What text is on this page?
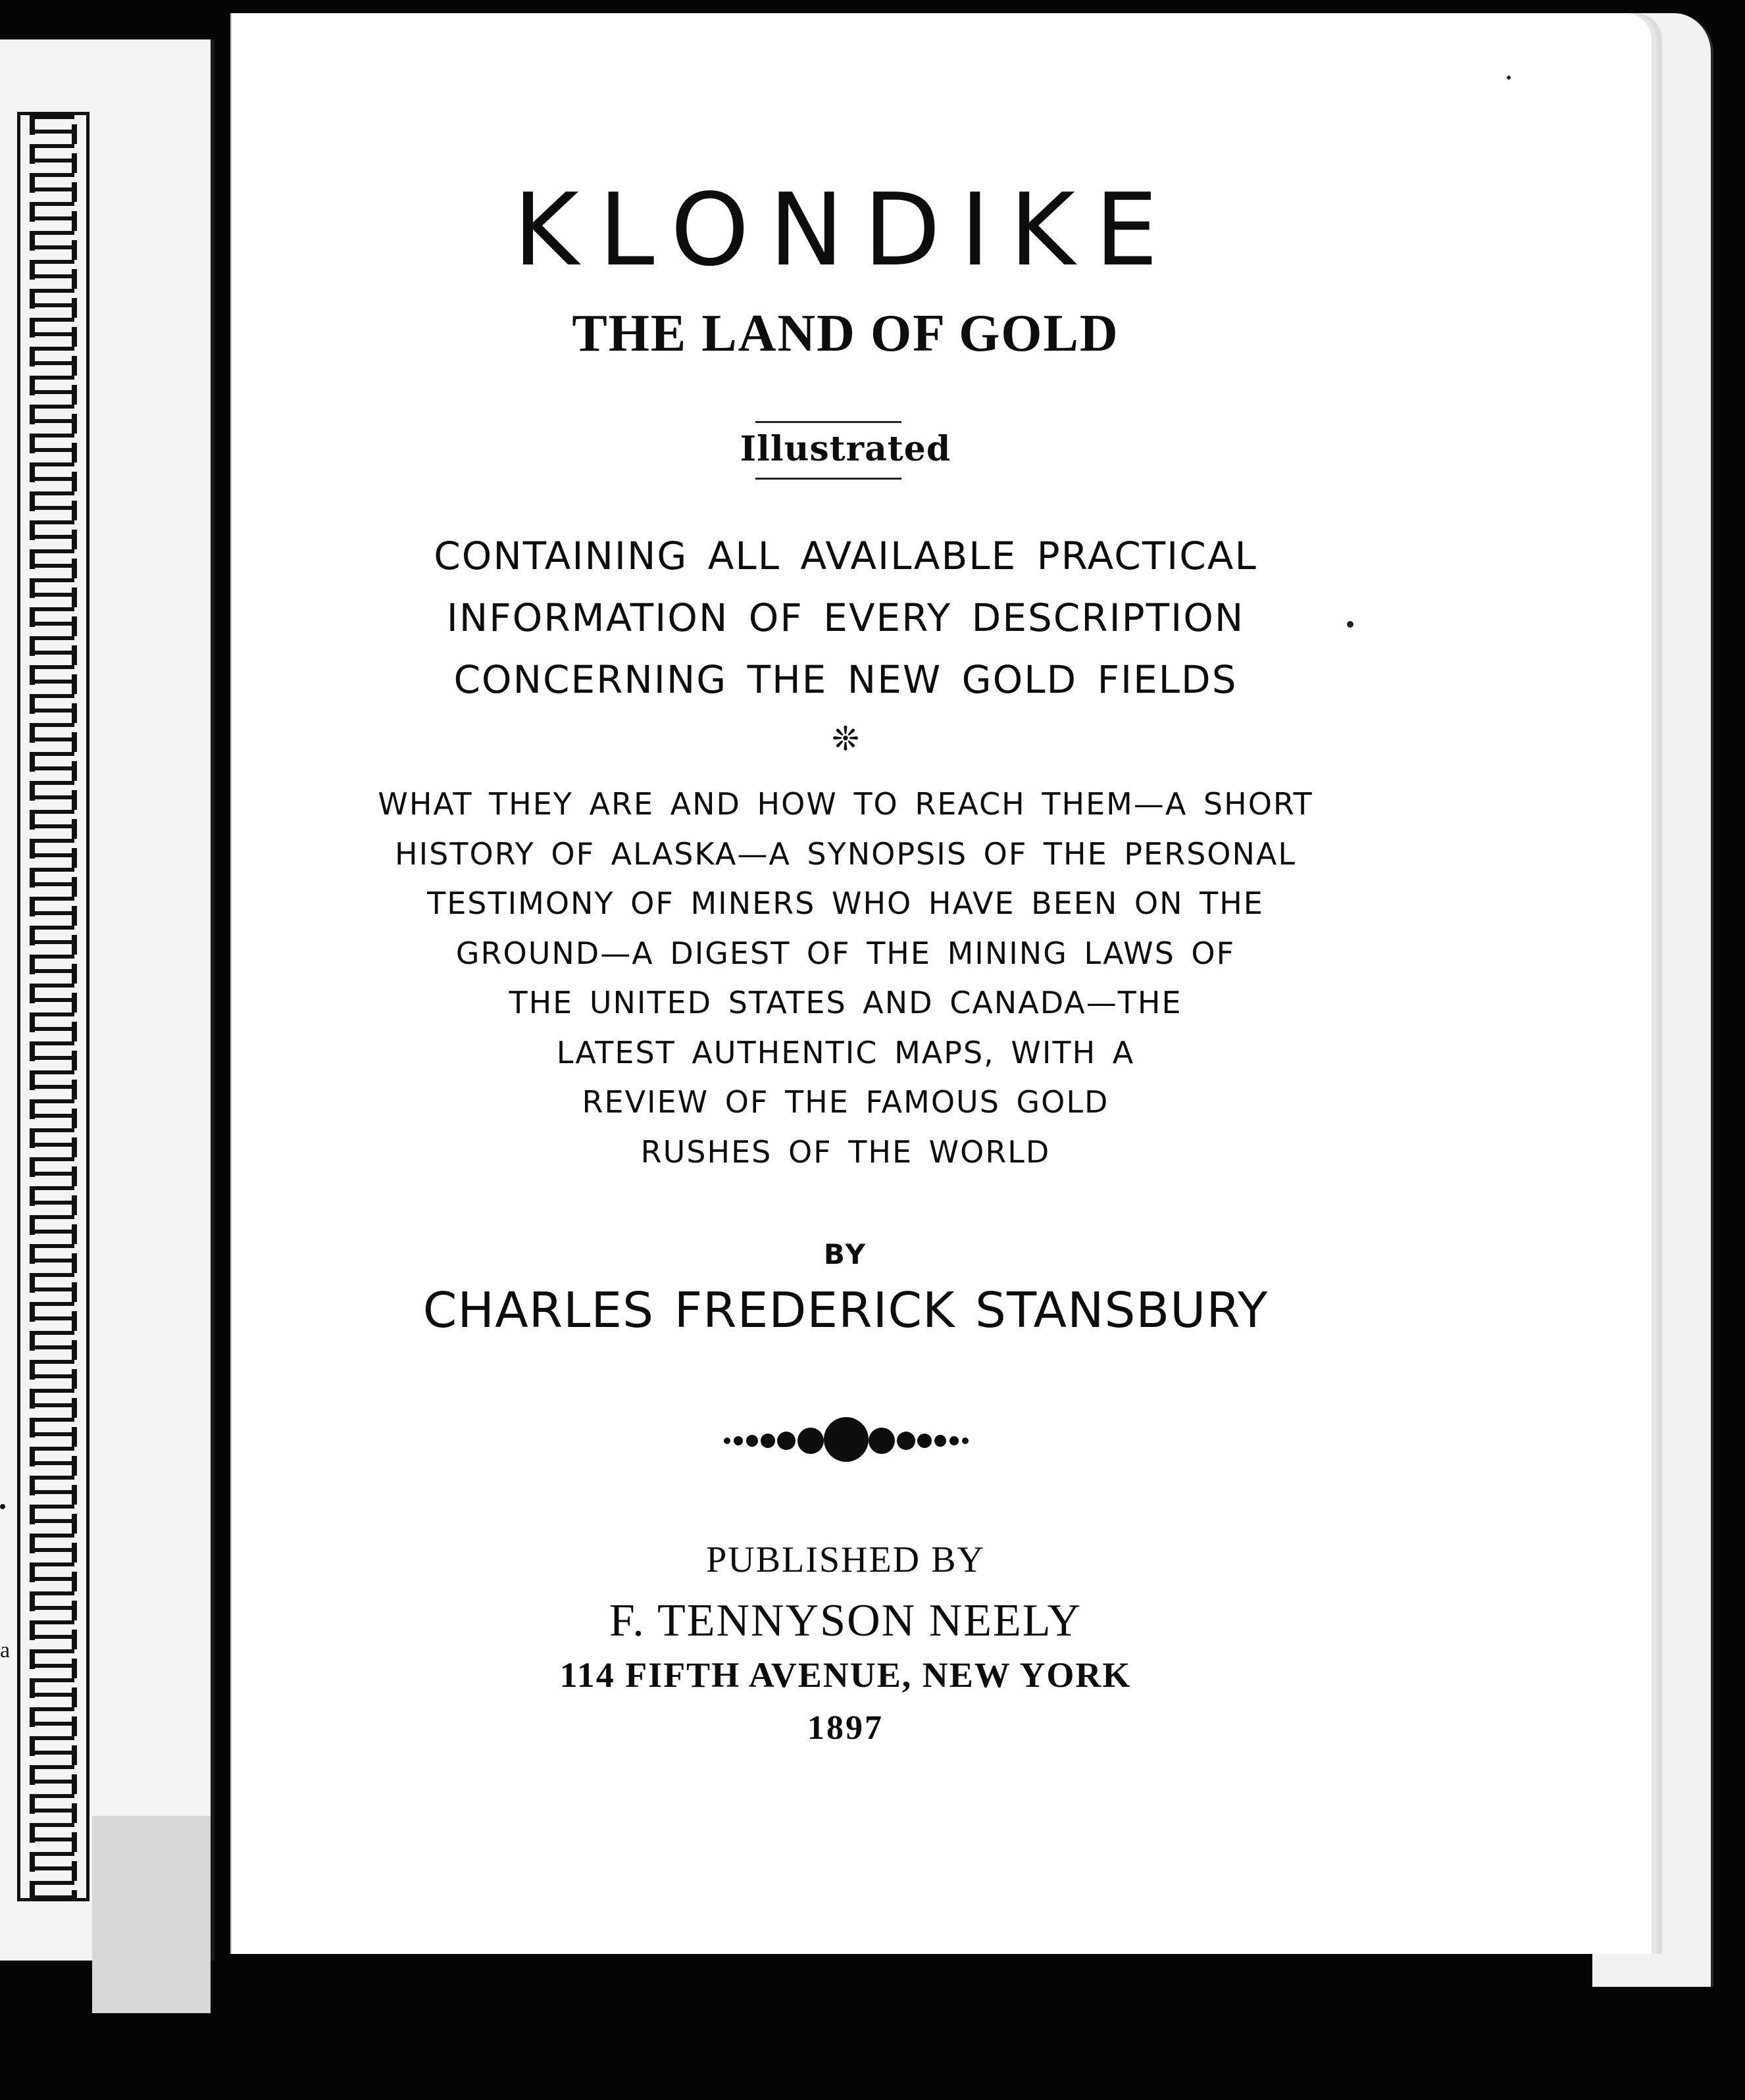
a
KLONDIKE
THE LAND OF GOLD
Illustrated
CONTAINING ALL AVAILABLE PRACTICAL
INFORMATION OF EVERY DESCRIPTION
CONCERNING THE NEW GOLD FIELDS
❊
WHAT THEY ARE AND HOW TO REACH THEM—A SHORT
HISTORY OF ALASKA—A SYNOPSIS OF THE PERSONAL
TESTIMONY OF MINERS WHO HAVE BEEN ON THE
GROUND—A DIGEST OF THE MINING LAWS OF
THE UNITED STATES AND CANADA—THE
LATEST AUTHENTIC MAPS, WITH A
REVIEW OF THE FAMOUS GOLD
RUSHES OF THE WORLD
BY
CHARLES FREDERICK STANSBURY
PUBLISHED BY
F. TENNYSON NEELY
114 FIFTH AVENUE, NEW YORK
1897
